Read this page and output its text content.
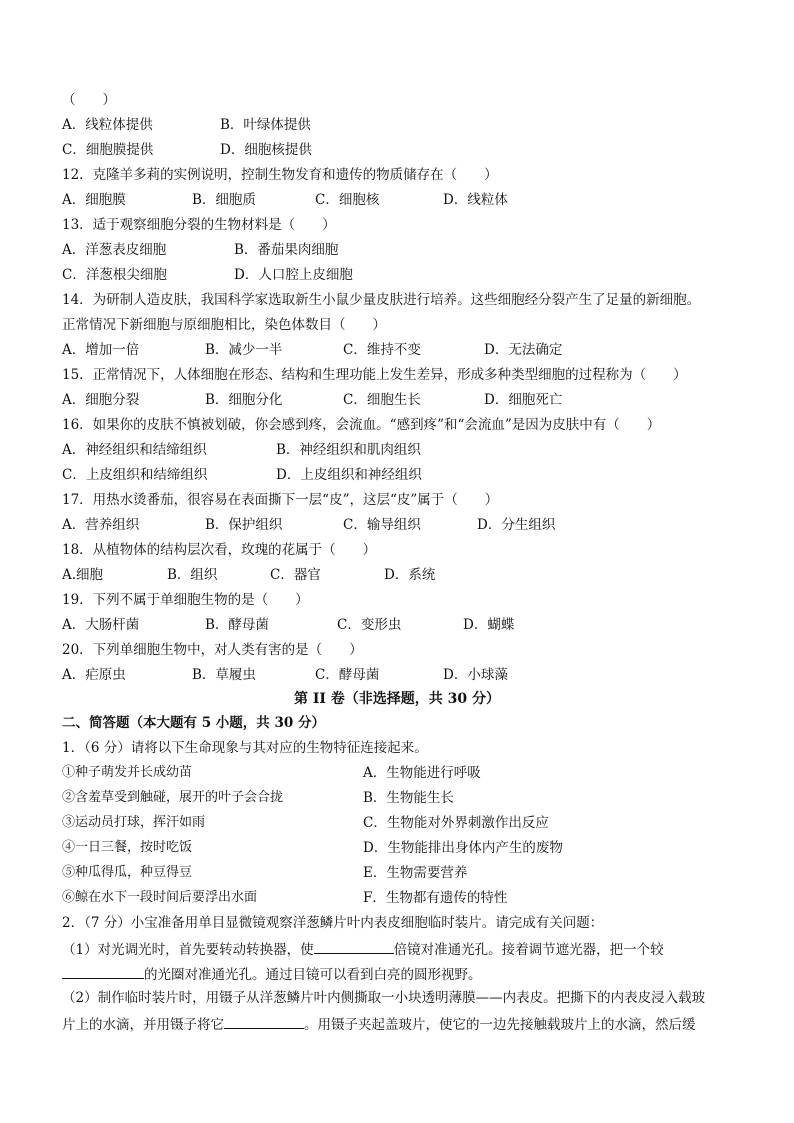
（　　）
A．线粒体提供	B．叶绿体提供
C．细胞膜提供	D．细胞核提供
12．克隆羊多莉的实例说明，控制生物发育和遗传的物质储存在（　　）
A．细胞膜	B．细胞质	C．细胞核	D．线粒体
13．适于观察细胞分裂的生物材料是（　　）
A．洋葱表皮细胞	B．番茄果肉细胞
C．洋葱根尖细胞	D．人口腔上皮细胞
14．为研制人造皮肤，我国科学家选取新生小鼠少量皮肤进行培养。这些细胞经分裂产生了足量的新细胞。
正常情况下新细胞与原细胞相比，染色体数目（　　）
A．增加一倍	B．减少一半	C．维持不变	D．无法确定
15．正常情况下，人体细胞在形态、结构和生理功能上发生差异，形成多种类型细胞的过程称为（　　）
A．细胞分裂	B．细胞分化	C．细胞生长	D．细胞死亡
16．如果你的皮肤不慎被划破，你会感到疼，会流血。“感到疼”和“会流血”是因为皮肤中有（　　）
A．神经组织和结缔组织	B．神经组织和肌肉组织
C．上皮组织和结缔组织	D．上皮组织和神经组织
17．用热水烫番茄，很容易在表面撕下一层“皮”，这层“皮”属于（　　）
A．营养组织	B．保护组织	C．输导组织	D．分生组织
18．从植物体的结构层次看，玫瑰的花属于（　　）
A.细胞	B．组织	C．器官	D．系统
19．下列不属于单细胞生物的是（　　）
A．大肠杆菌	B．酵母菌	C．变形虫	D．蝴蝶
20．下列单细胞生物中，对人类有害的是（　　）
A．疟原虫	B．草履虫	C．酵母菌	D．小球藻
第 II 卷（非选择题，共 30 分）
二、简答题（本大题有 5 小题，共 30 分）
1．（6 分）请将以下生命现象与其对应的生物特征连接起来。
①种子萌发并长成幼苗	A．生物能进行呼吸
②含羞草受到触碰，展开的叶子会合拢	B．生物能生长
③运动员打球，挥汗如雨	C．生物能对外界刺激作出反应
④一日三餐，按时吃饭	D．生物能排出身体内产生的废物
⑤种瓜得瓜，种豆得豆	E．生物需要营养
⑥鲸在水下一段时间后要浮出水面	F．生物都有遗传的特性
2．（7 分）小宝准备用单目显微镜观察洋葱鳞片叶内表皮细胞临时装片。请完成有关问题：
（1）对光调光时，首先要转动转换器，使	倍镜对准通光孔。接着调节遮光器，把一个较
的光圈对准通光孔。通过目镜可以看到白亮的圆形视野。
（2）制作临时装片时，用镊子从洋葱鳞片叶内侧撕取一小块透明薄膜——内表皮。把撕下的内表皮浸入载玻
片上的水滴，并用镊子将它	。用镊子夹起盖玻片，使它的一边先接触载玻片上的水滴，然后缓
